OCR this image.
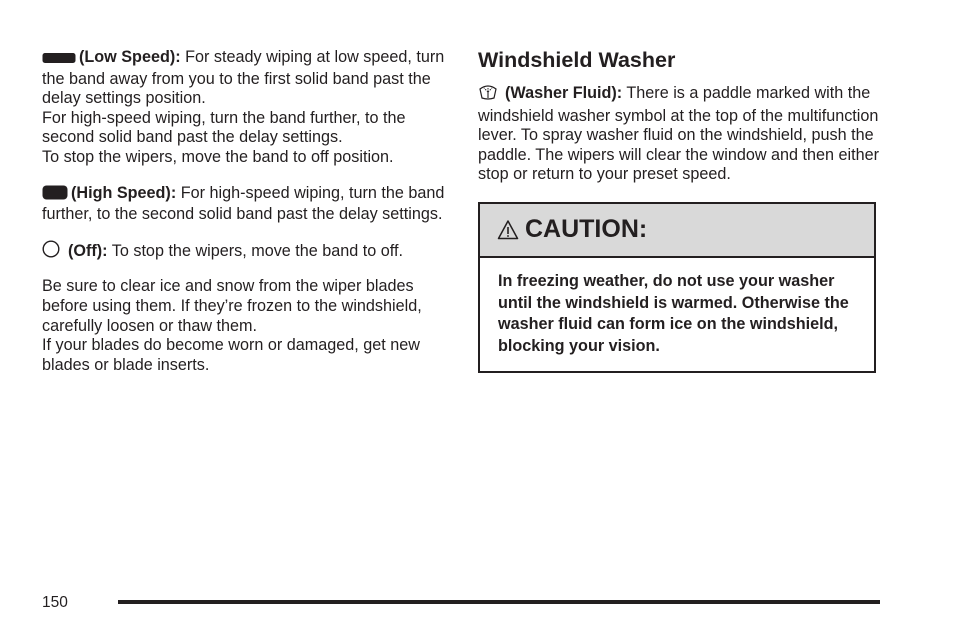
(Low Speed): For steady wiping at low speed, turn the band away from you to the first solid band past the delay settings position.

For high-speed wiping, turn the band further, to the second solid band past the delay settings.

To stop the wipers, move the band to off position.

(High Speed): For high-speed wiping, turn the band further, to the second solid band past the delay settings.

(Off): To stop the wipers, move the band to off.

Be sure to clear ice and snow from the wiper blades before using them. If they’re frozen to the windshield, carefully loosen or thaw them.

If your blades do become worn or damaged, get new blades or blade inserts.

Windshield Washer

(Washer Fluid): There is a paddle marked with the windshield washer symbol at the top of the multifunction lever. To spray washer fluid on the windshield, push the paddle. The wipers will clear the window and then either stop or return to your preset speed.

CAUTION:
In freezing weather, do not use your washer until the windshield is warmed. Otherwise the washer fluid can form ice on the windshield, blocking your vision.
150
